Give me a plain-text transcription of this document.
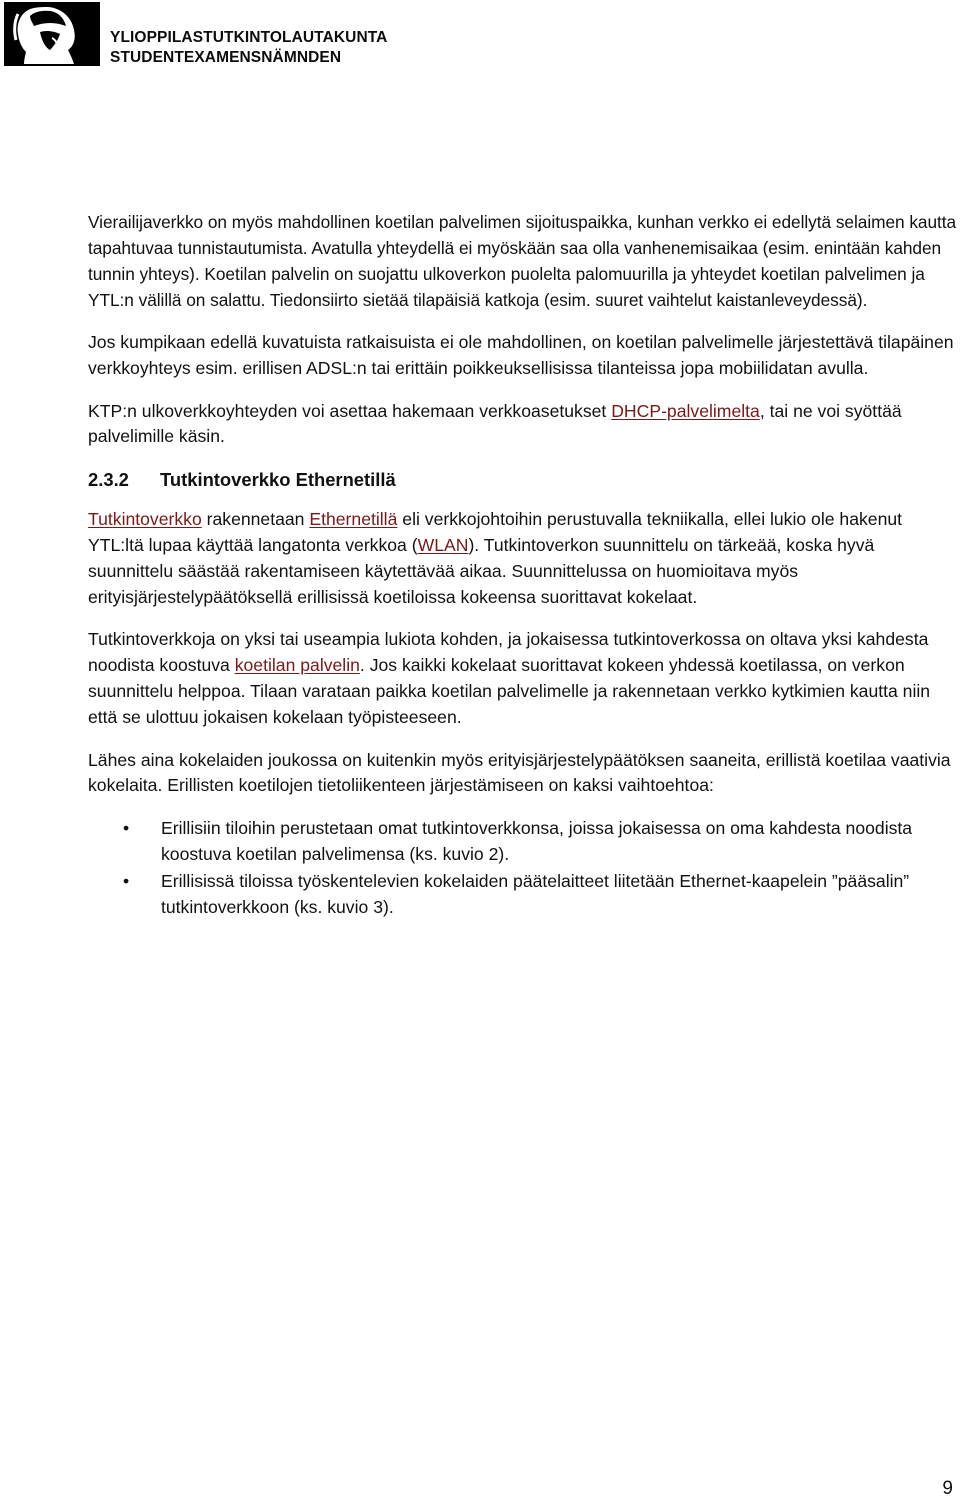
YLIOPPILASTUTKINTOLAUTAKUNTA
STUDENTEXAMENSNÄMNDEN

Vierailijaverkko on myös mahdollinen koetilan palvelimen sijoituspaikka, kunhan verkko ei edellytä selaimen kautta tapahtuvaa tunnistautumista. Avatulla yhteydellä ei myöskään saa olla vanhenemisaikaa (esim. enintään kahden tunnin yhteys). Koetilan palvelin on suojattu ulkoverkon puolelta palomuurilla ja yhteydet koetilan palvelimen ja YTL:n välillä on salattu. Tiedonsiirto sietää tilapäisiä katkoja (esim. suuret vaihtelut kaistanleveydessä).

Jos kumpikaan edellä kuvatuista ratkaisuista ei ole mahdollinen, on koetilan palvelimelle järjestettävä tilapäinen verkkoyhteys esim. erillisen ADSL:n tai erittäin poikkeuksellisissa tilanteissa jopa mobiilidatan avulla.

KTP:n ulkoverkkoyhteyden voi asettaa hakemaan verkkoasetukset DHCP-palvelimelta, tai ne voi syöttää palvelimille käsin.

2.3.2 Tutkintoverkko Ethernetillä

Tutkintoverkko rakennetaan Ethernetillä eli verkkojohtoihin perustuvalla tekniikalla, ellei lukio ole hakenut YTL:ltä lupaa käyttää langatonta verkkoa (WLAN). Tutkintoverkon suunnittelu on tärkeää, koska hyvä suunnittelu säästää rakentamiseen käytettävää aikaa. Suunnittelussa on huomioitava myös erityisjärjestelypäätöksellä erillisissä koetiloissa kokeensa suorittavat kokelaat.

Tutkintoverkkoja on yksi tai useampia lukiota kohden, ja jokaisessa tutkintoverkossa on oltava yksi kahdesta noodista koostuva koetilan palvelin. Jos kaikki kokelaat suorittavat kokeen yhdessä koetilassa, on verkon suunnittelu helppoa. Tilaan varataan paikka koetilan palvelimelle ja rakennetaan verkko kytkimien kautta niin että se ulottuu jokaisen kokelaan työpisteeseen.

Lähes aina kokelaiden joukossa on kuitenkin myös erityisjärjestelypäätöksen saaneita, erillistä koetilaa vaativia kokelaita. Erillisten koetilojen tietoliikenteen järjestämiseen on kaksi vaihtoehtoa:

• Erillisiin tiloihin perustetaan omat tutkintoverkkonsa, joissa jokaisessa on oma kahdesta noodista koostuva koetilan palvelimensa (ks. kuvio 2).
• Erillisissä tiloissa työskentelevien kokelaiden päätelaitteet liitetään Ethernet-kaapelein ”pääsalin” tutkintoverkkoon (ks. kuvio 3).
9
